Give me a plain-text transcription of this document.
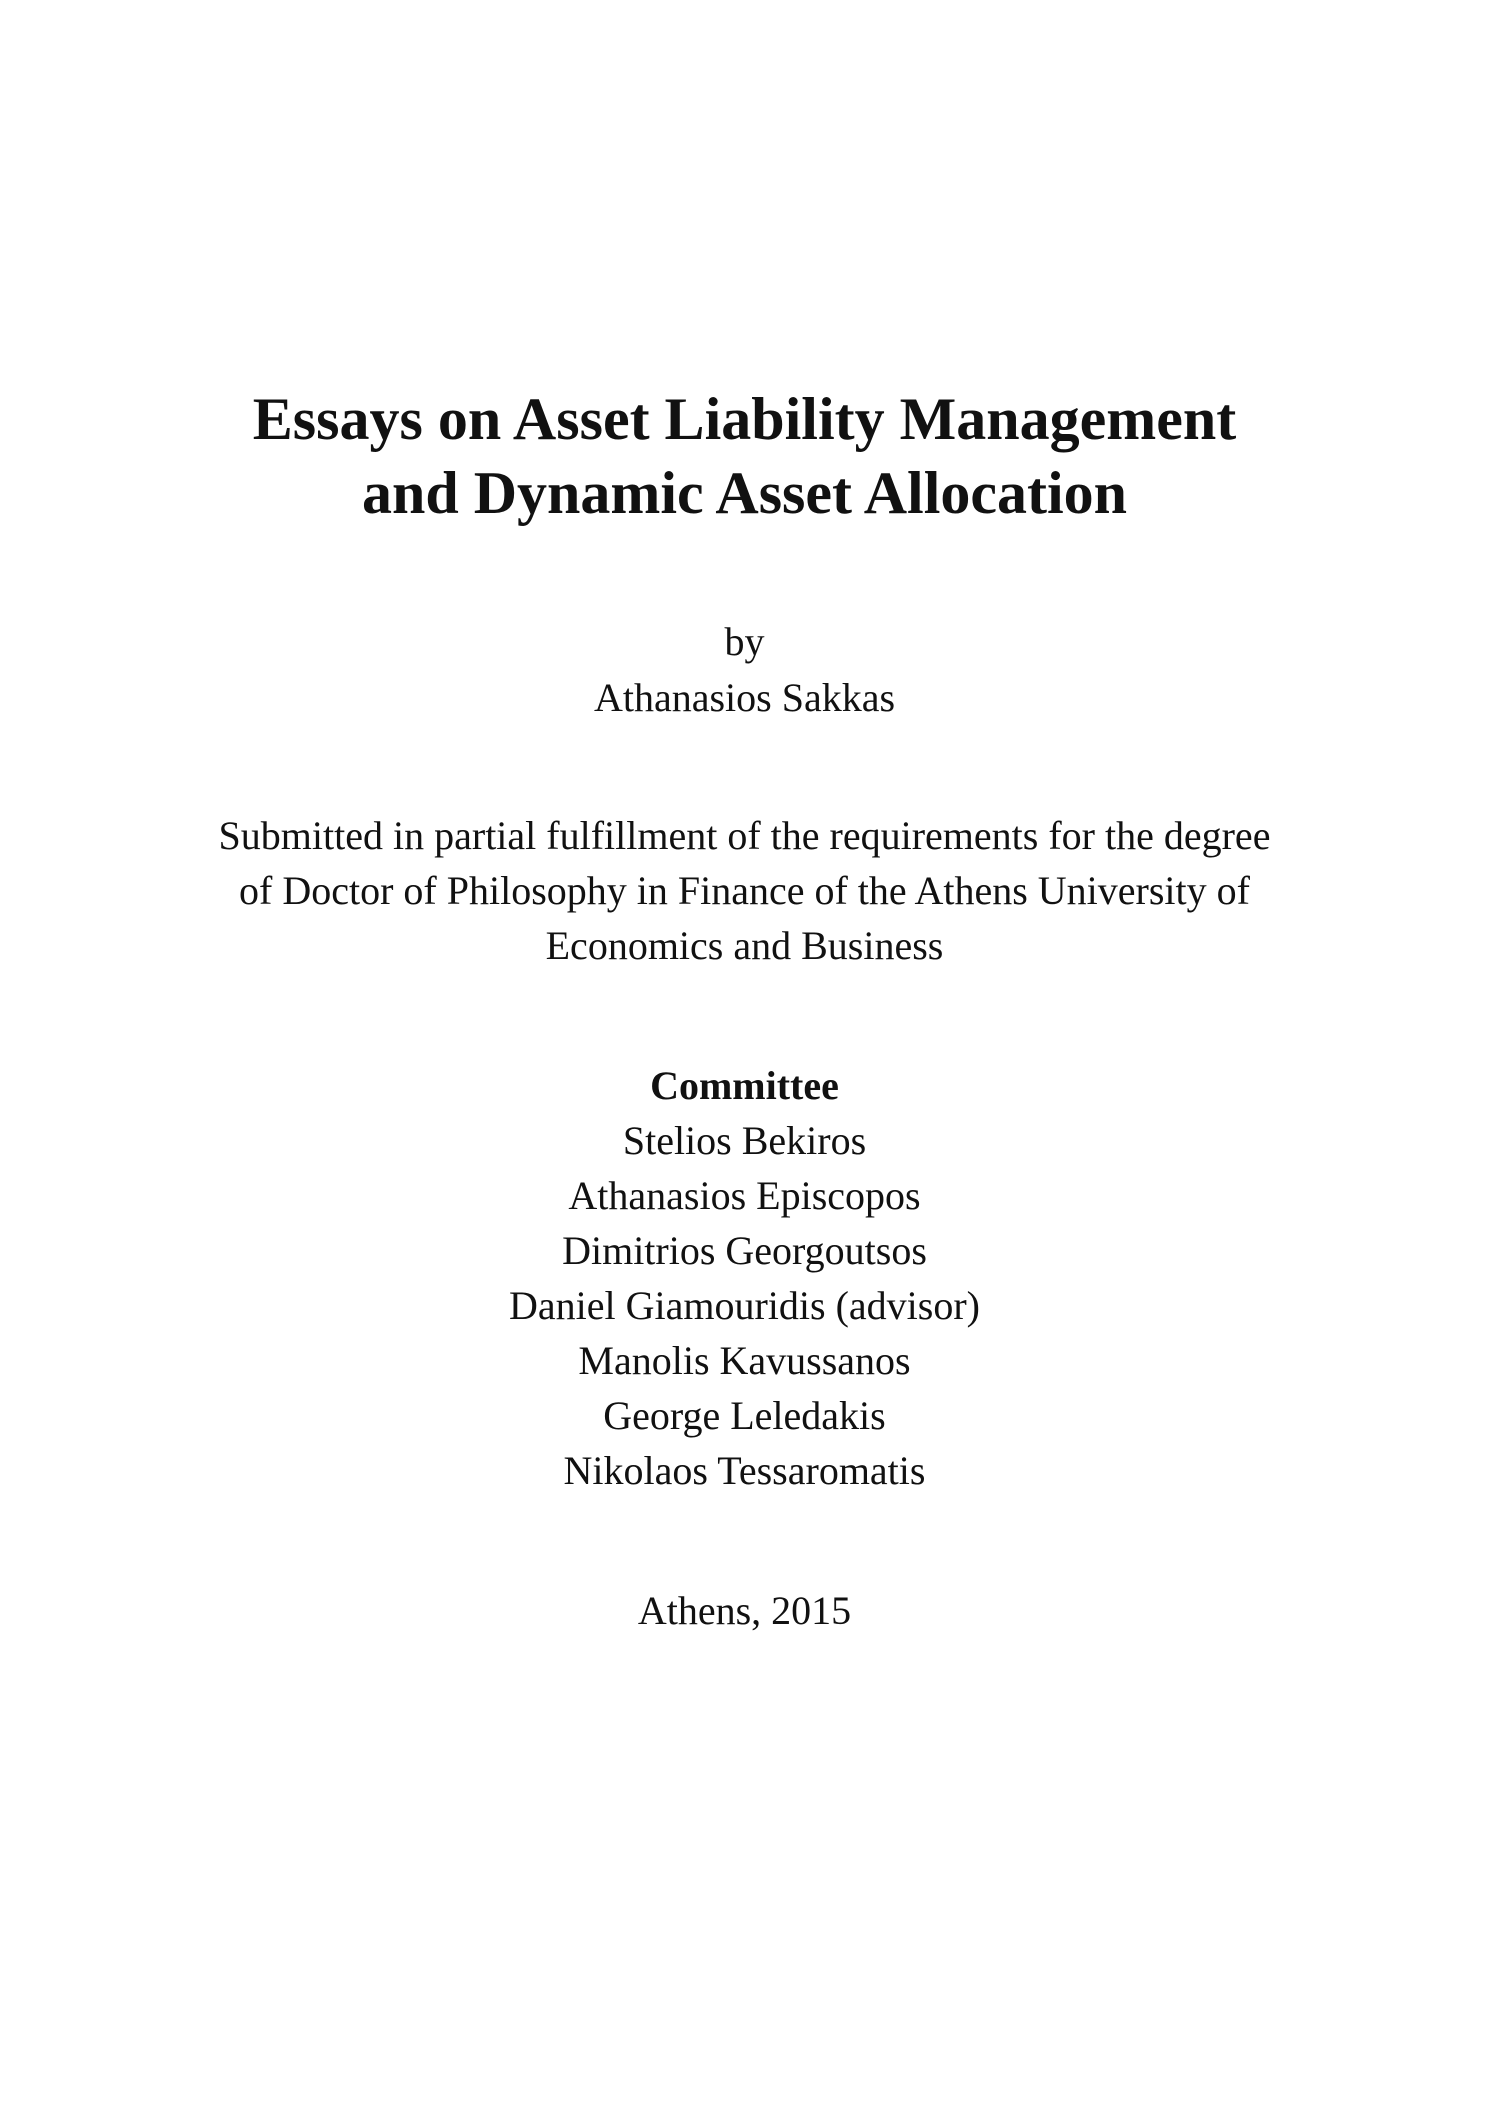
Essays on Asset Liability Management
and Dynamic Asset Allocation
by
Athanasios Sakkas
Submitted in partial fulfillment of the requirements for the degree
of Doctor of Philosophy in Finance of the Athens University of
Economics and Business
Committee
Stelios Bekiros
Athanasios Episcopos
Dimitrios Georgoutsos
Daniel Giamouridis (advisor)
Manolis Kavussanos
George Leledakis
Nikolaos Tessaromatis
Athens, 2015
